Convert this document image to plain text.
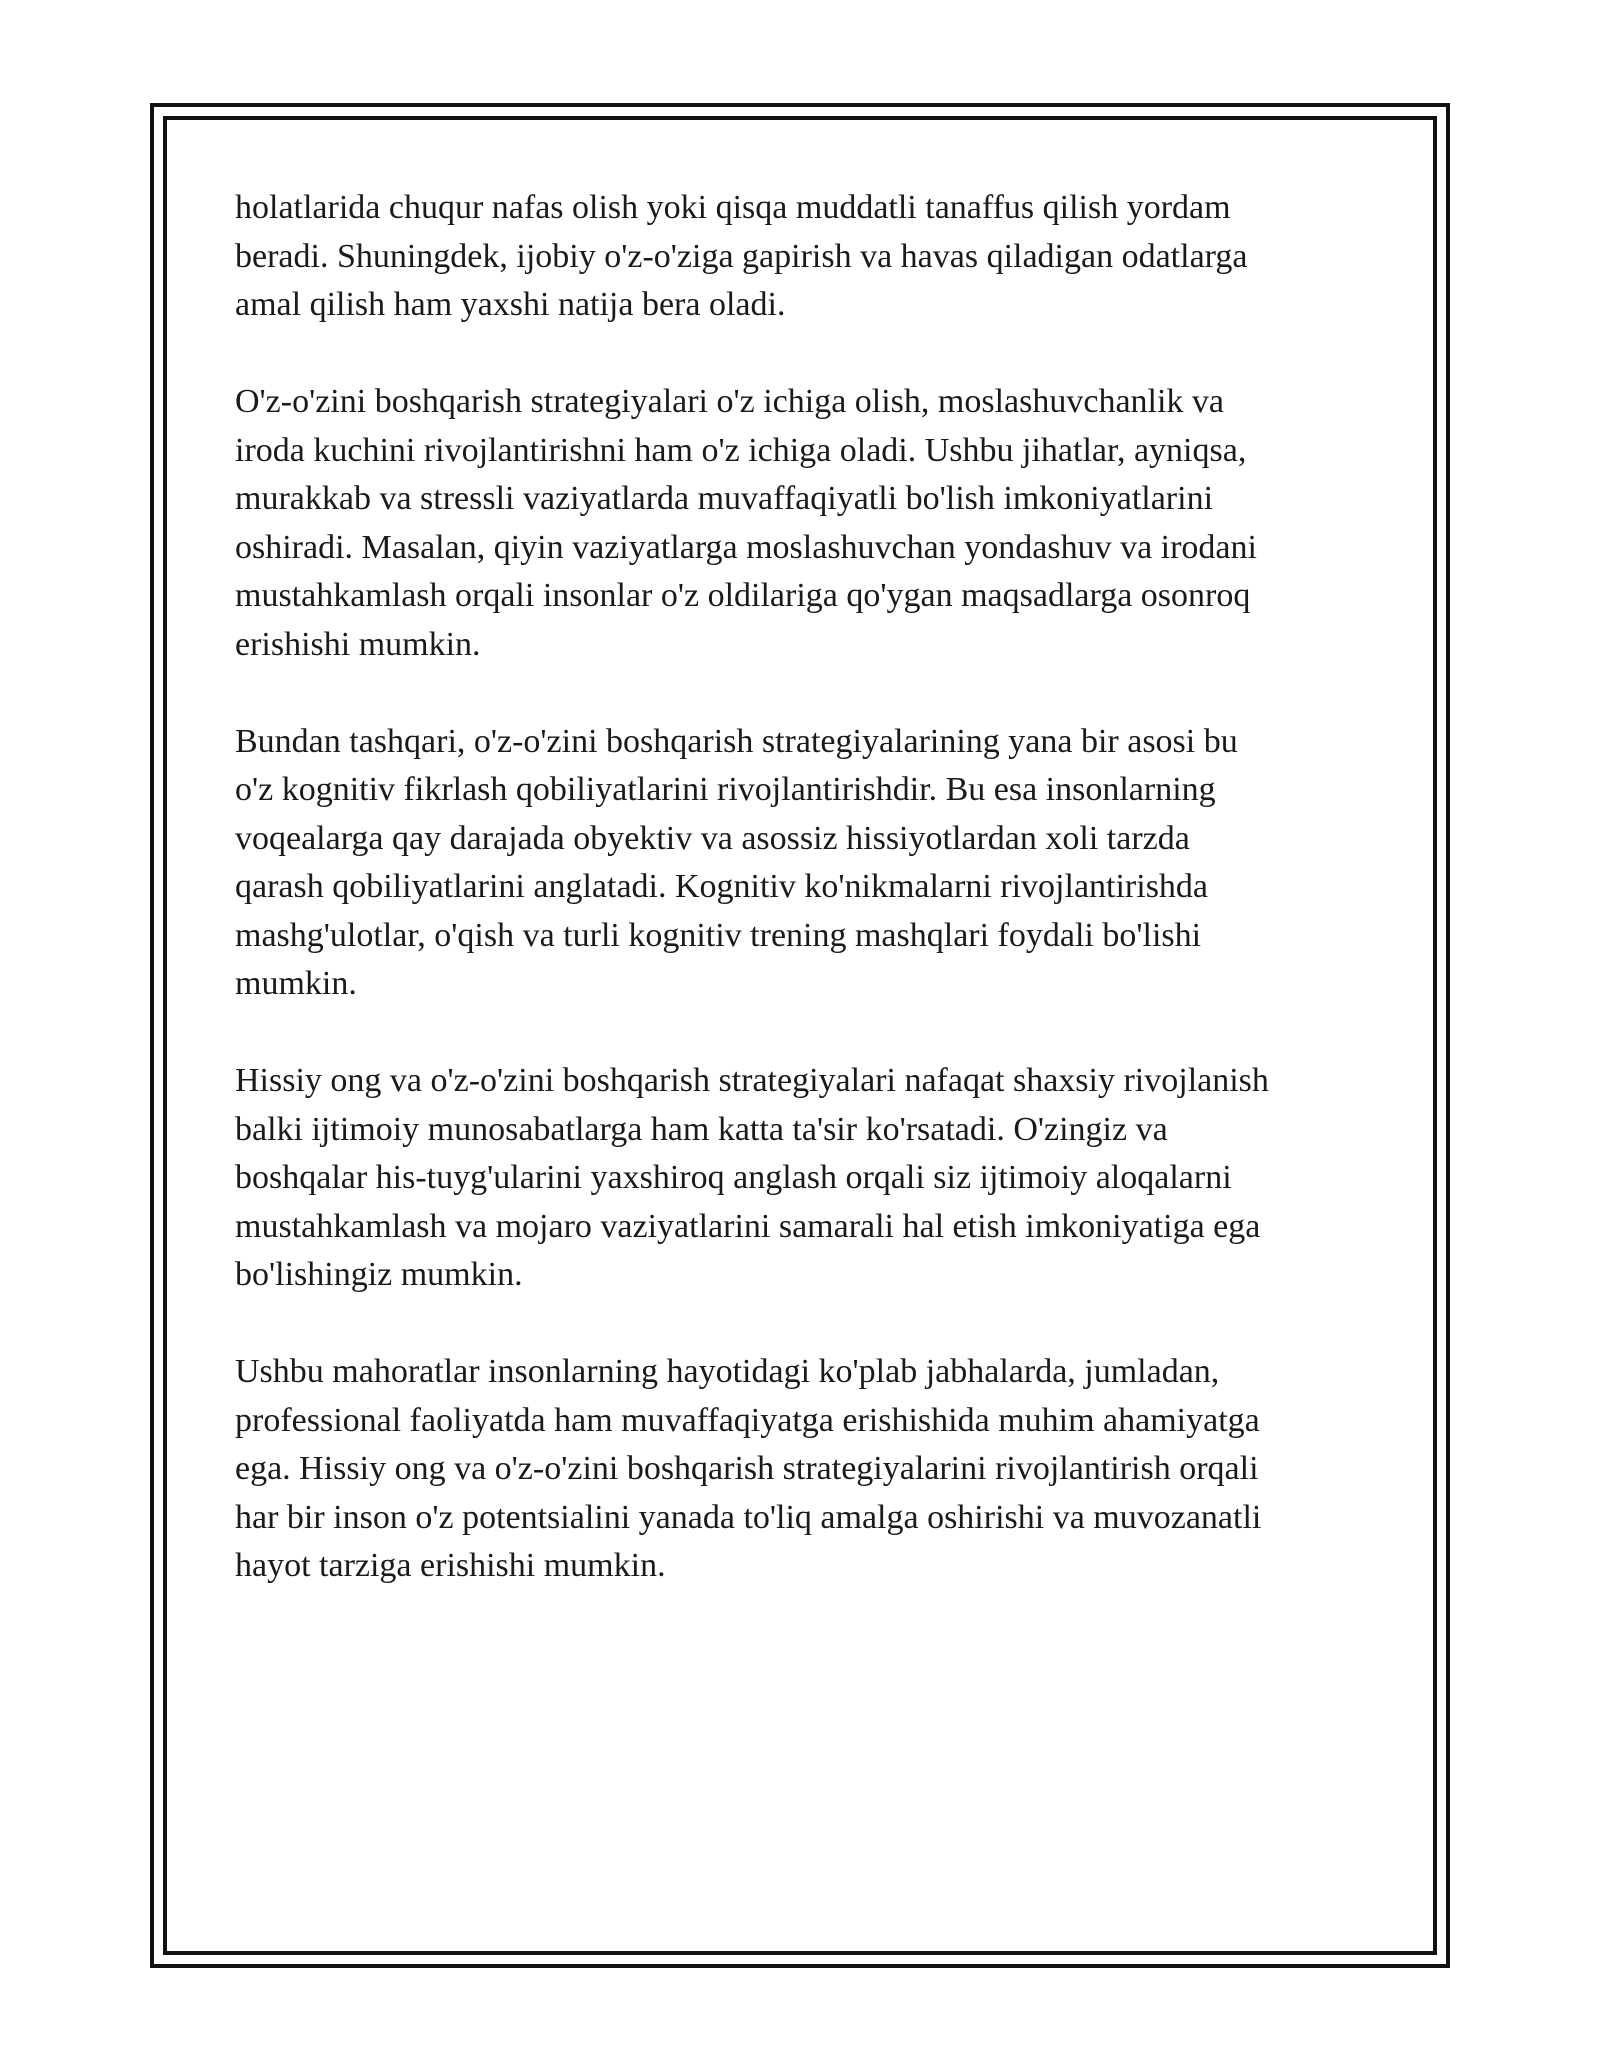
holatlarida chuqur nafas olish yoki qisqa muddatli tanaffus qilish yordam
beradi. Shuningdek, ijobiy o'z-o'ziga gapirish va havas qiladigan odatlarga
amal qilish ham yaxshi natija bera oladi.

O'z-o'zini boshqarish strategiyalari o'z ichiga olish, moslashuvchanlik va
iroda kuchini rivojlantirishni ham o'z ichiga oladi. Ushbu jihatlar, ayniqsa,
murakkab va stressli vaziyatlarda muvaffaqiyatli bo'lish imkoniyatlarini
oshiradi. Masalan, qiyin vaziyatlarga moslashuvchan yondashuv va irodani
mustahkamlash orqali insonlar o'z oldilariga qo'ygan maqsadlarga osonroq
erishishi mumkin.

Bundan tashqari, o'z-o'zini boshqarish strategiyalarining yana bir asosi bu
o'z kognitiv fikrlash qobiliyatlarini rivojlantirishdir. Bu esa insonlarning
voqealarga qay darajada obyektiv va asossiz hissiyotlardan xoli tarzda
qarash qobiliyatlarini anglatadi. Kognitiv ko'nikmalarni rivojlantirishda
mashg'ulotlar, o'qish va turli kognitiv trening mashqlari foydali bo'lishi
mumkin.

Hissiy ong va o'z-o'zini boshqarish strategiyalari nafaqat shaxsiy rivojlanish
balki ijtimoiy munosabatlarga ham katta ta'sir ko'rsatadi. O'zingiz va
boshqalar his-tuyg'ularini yaxshiroq anglash orqali siz ijtimoiy aloqalarni
mustahkamlash va mojaro vaziyatlarini samarali hal etish imkoniyatiga ega
bo'lishingiz mumkin.

Ushbu mahoratlar insonlarning hayotidagi ko'plab jabhalarda, jumladan,
professional faoliyatda ham muvaffaqiyatga erishishida muhim ahamiyatga
ega. Hissiy ong va o'z-o'zini boshqarish strategiyalarini rivojlantirish orqali
har bir inson o'z potentsialini yanada to'liq amalga oshirishi va muvozanatli
hayot tarziga erishishi mumkin.
